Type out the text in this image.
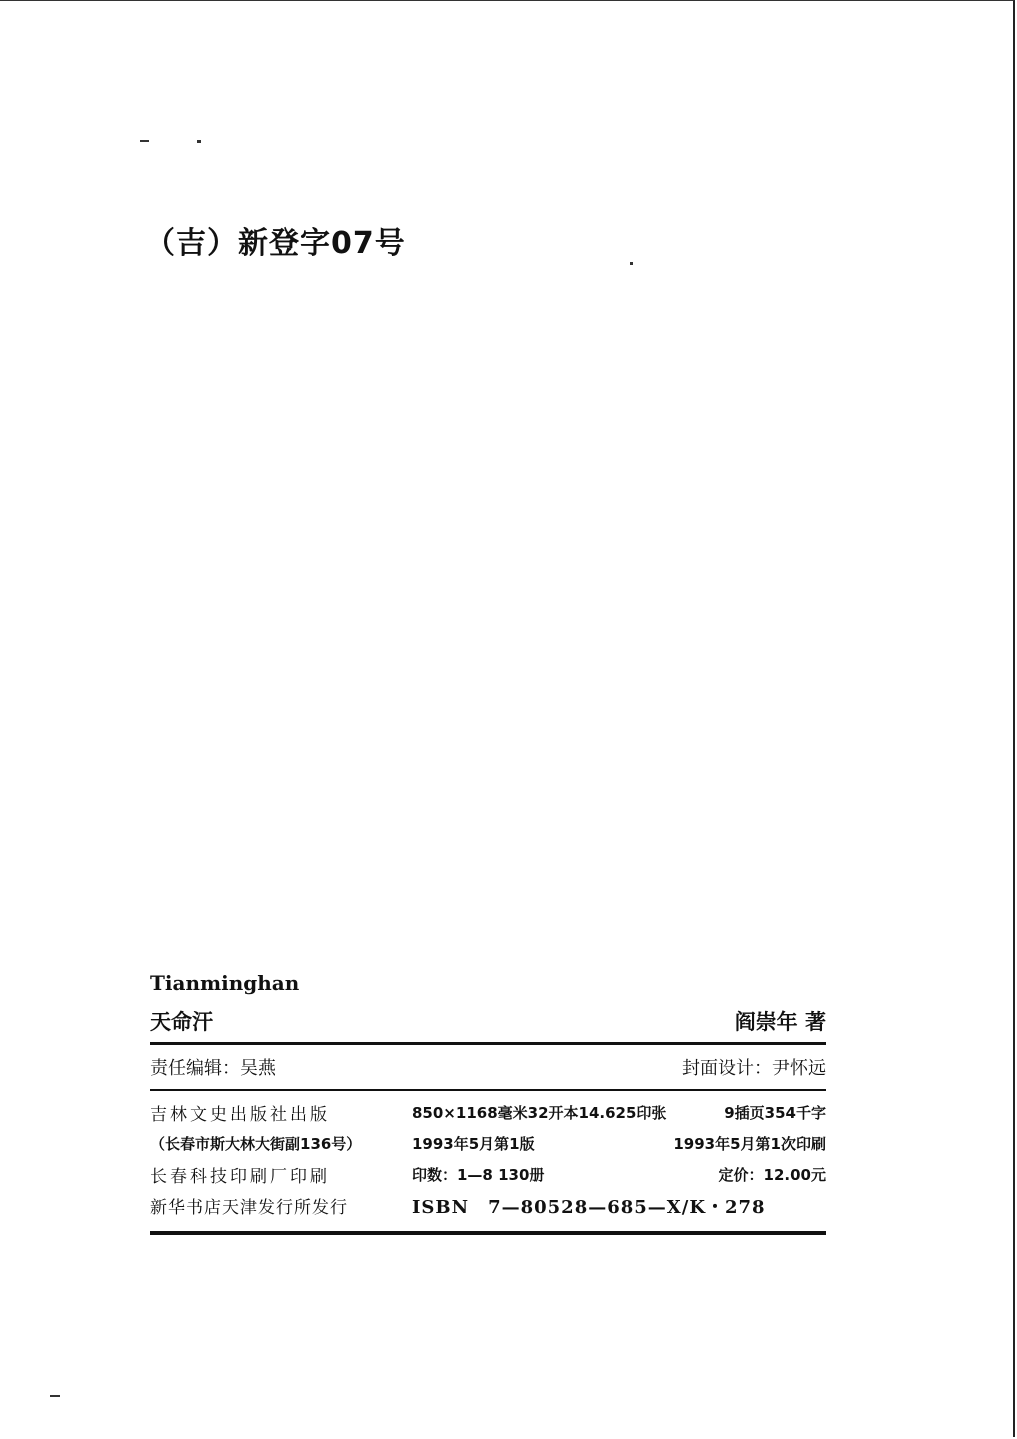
（吉）新登字07号
Tianminghan
天命汗	阎崇年 著
责任编辑：吴燕	封面设计：尹怀远
吉林文史出版社出版	850×1168毫米32开本14.625印张	9插页354千字
（长春市斯大林大街副136号）	1993年5月第1版	1993年5月第1次印刷
长春科技印刷厂印刷	印数：1—8 130册	定价：12.00元
新华书店天津发行所发行	ISBN　7—80528—685—X/K・278
